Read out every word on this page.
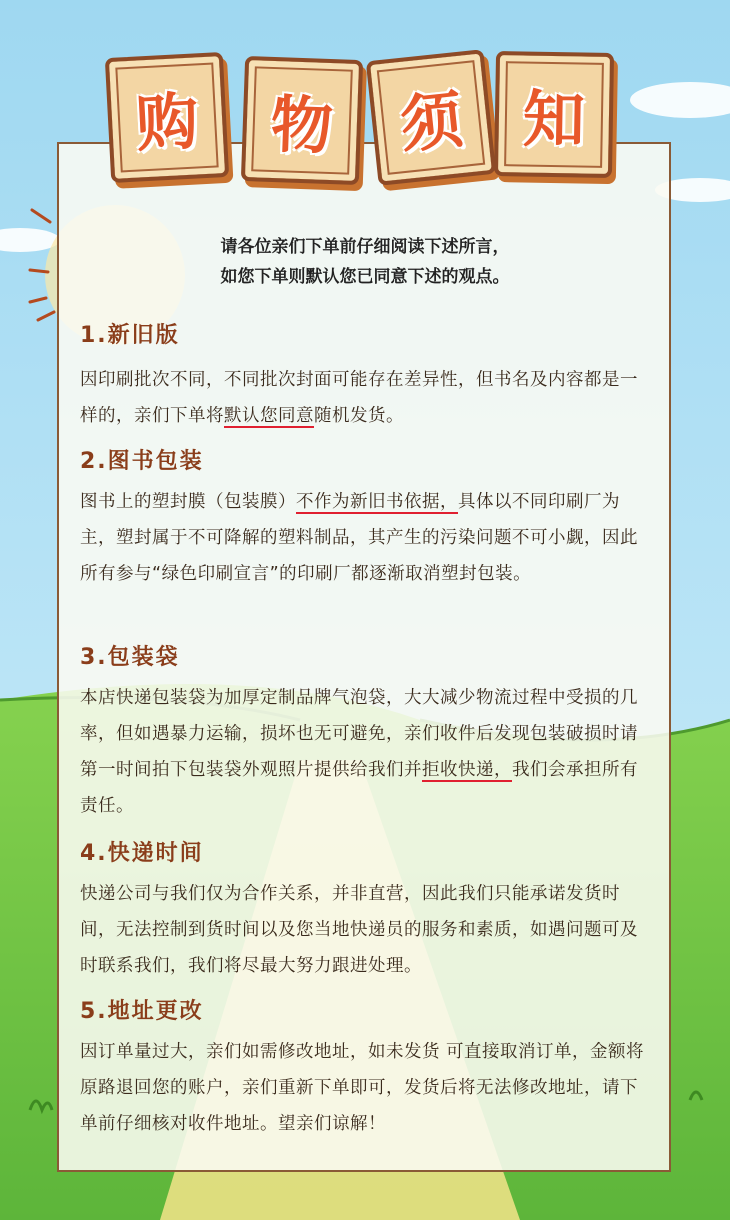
购 物 须 知
请各位亲们下单前仔细阅读下述所言，
如您下单则默认您已同意下述的观点。
1.新旧版
因印刷批次不同，不同批次封面可能存在差异性，但书名及内容都是一样的，亲们下单将默认您同意随机发货。
2.图书包装
图书上的塑封膜（包装膜）不作为新旧书依据，具体以不同印刷厂为主，塑封属于不可降解的塑料制品，其产生的污染问题不可小觑，因此所有参与“绿色印刷宣言”的印刷厂都逐渐取消塑封包装。
3.包装袋
本店快递包装袋为加厚定制品牌气泡袋，大大减少物流过程中受损的几率，但如遇暴力运输，损坏也无可避免，亲们收件后发现包装破损时请第一时间拍下包装袋外观照片提供给我们并拒收快递，我们会承担所有责任。
4.快递时间
快递公司与我们仅为合作关系，并非直营，因此我们只能承诺发货时间，无法控制到货时间以及您当地快递员的服务和素质，如遇问题可及时联系我们，我们将尽最大努力跟进处理。
5.地址更改
因订单量过大，亲们如需修改地址，如未发货 可直接取消订单，金额将原路退回您的账户，亲们重新下单即可，发货后将无法修改地址，请下单前仔细核对收件地址。望亲们谅解！
